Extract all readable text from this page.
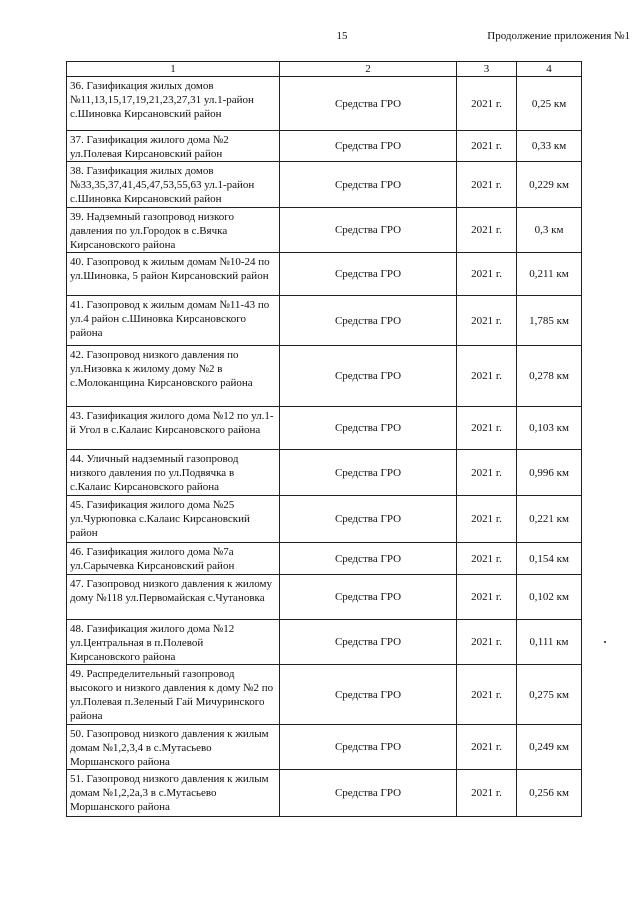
15	Продолжение приложения №1
1	2	3	4
36. Газификация жилых домов №11,13,15,17,19,21,23,27,31 ул.1-район с.Шиновка Кирсановский район	Средства ГРО	2021 г.	0,25 км
37. Газификация жилого дома №2 ул.Полевая Кирсановский район	Средства ГРО	2021 г.	0,33 км
38. Газификация жилых домов №33,35,37,41,45,47,53,55,63 ул.1-район с.Шиновка Кирсановский район	Средства ГРО	2021 г.	0,229 км
39. Надземный газопровод низкого давления по ул.Городок в с.Вячка Кирсановского района	Средства ГРО	2021 г.	0,3 км
40. Газопровод к жилым домам №10-24 по ул.Шиновка, 5 район Кирсановский район	Средства ГРО	2021 г.	0,211 км
41. Газопровод к жилым домам №11-43 по ул.4 район с.Шиновка Кирсановского района	Средства ГРО	2021 г.	1,785 км
42. Газопровод низкого давления по ул.Низовка к жилому дому №2 в с.Молоканщина Кирсановского района	Средства ГРО	2021 г.	0,278 км
43. Газификация жилого дома №12 по ул.1-й Угол в с.Калаис Кирсановского района	Средства ГРО	2021 г.	0,103 км
44. Уличный надземный газопровод низкого давления по ул.Подвячка в с.Калаис Кирсановского района	Средства ГРО	2021 г.	0,996 км
45. Газификация жилого дома №25 ул.Чурюповка с.Калаис Кирсановский район	Средства ГРО	2021 г.	0,221 км
46. Газификация жилого дома №7а ул.Сарычевка Кирсановский район	Средства ГРО	2021 г.	0,154 км
47. Газопровод низкого давления к жилому дому №118 ул.Первомайская с.Чутановка	Средства ГРО	2021 г.	0,102 км
48. Газификация жилого дома №12 ул.Центральная в п.Полевой Кирсановского района	Средства ГРО	2021 г.	0,111 км
49. Распределительный газопровод высокого и низкого давления к дому №2 по ул.Полевая п.Зеленый Гай Мичуринского района	Средства ГРО	2021 г.	0,275 км
50. Газопровод низкого давления к жилым домам №1,2,3,4 в с.Мутасьево Моршанского района	Средства ГРО	2021 г.	0,249 км
51. Газопровод низкого давления к жилым домам №1,2,2а,3 в с.Мутасьево Моршанского района	Средства ГРО	2021 г.	0,256 км
